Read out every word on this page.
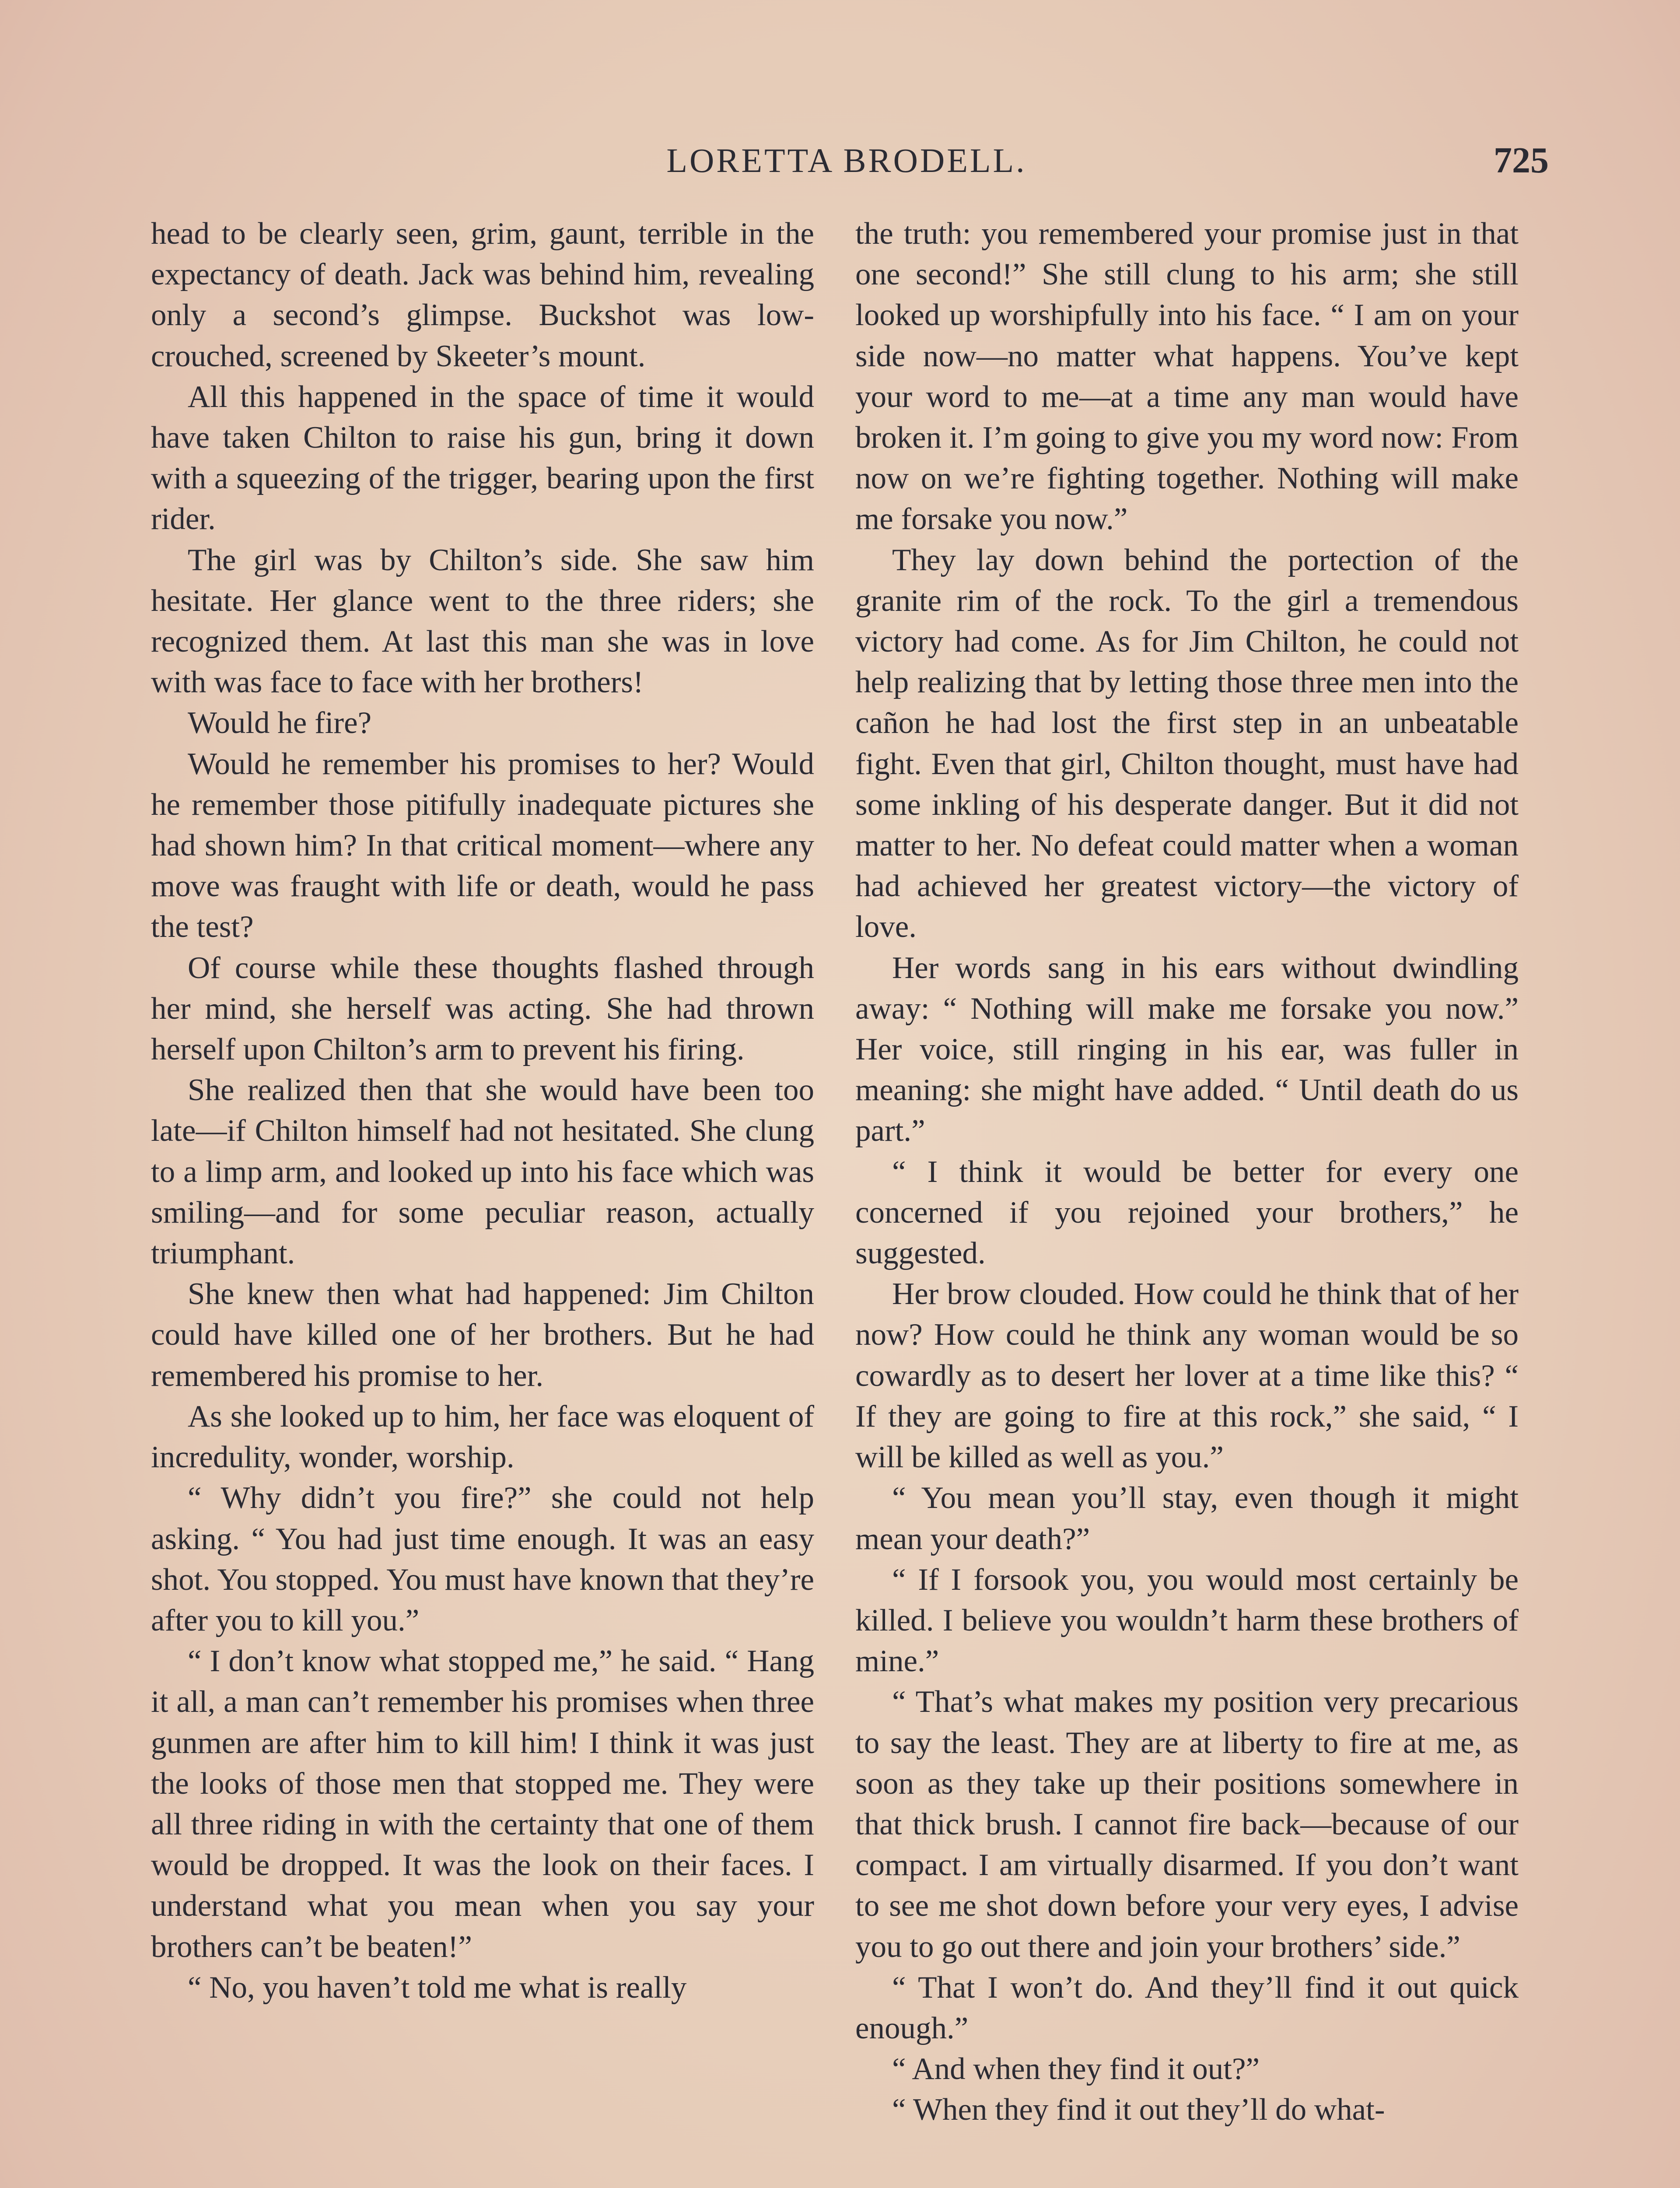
LORETTA BRODELL.	725

head to be clearly seen, grim, gaunt, terrible in the expectancy of death. Jack was behind him, revealing only a second’s glimpse. Buckshot was low-crouched, screened by Skeeter’s mount.

All this happened in the space of time it would have taken Chilton to raise his gun, bring it down with a squeezing of the trigger, bearing upon the first rider.

The girl was by Chilton’s side. She saw him hesitate. Her glance went to the three riders; she recognized them. At last this man she was in love with was face to face with her brothers!

Would he fire?

Would he remember his promises to her? Would he remember those pitifully inadequate pictures she had shown him? In that critical moment—where any move was fraught with life or death, would he pass the test?

Of course while these thoughts flashed through her mind, she herself was acting. She had thrown herself upon Chilton’s arm to prevent his firing.

She realized then that she would have been too late—if Chilton himself had not hesitated. She clung to a limp arm, and looked up into his face which was smiling—and for some peculiar reason, actually triumphant.

She knew then what had happened: Jim Chilton could have killed one of her brothers. But he had remembered his promise to her.

As she looked up to him, her face was eloquent of incredulity, wonder, worship.

“ Why didn’t you fire?” she could not help asking. “ You had just time enough. It was an easy shot. You stopped. You must have known that they’re after you to kill you.”

“ I don’t know what stopped me,” he said. “ Hang it all, a man can’t remember his promises when three gunmen are after him to kill him! I think it was just the looks of those men that stopped me. They were all three riding in with the certainty that one of them would be dropped. It was the look on their faces. I understand what you mean when you say your brothers can’t be beaten!”

“ No, you haven’t told me what is really

the truth: you remembered your promise just in that one second!” She still clung to his arm; she still looked up worshipfully into his face. “ I am on your side now—no matter what happens. You’ve kept your word to me—at a time any man would have broken it. I’m going to give you my word now: From now on we’re fighting together. Nothing will make me forsake you now.”

They lay down behind the portection of the granite rim of the rock. To the girl a tremendous victory had come. As for Jim Chilton, he could not help realizing that by letting those three men into the cañon he had lost the first step in an unbeatable fight. Even that girl, Chilton thought, must have had some inkling of his desperate danger. But it did not matter to her. No defeat could matter when a woman had achieved her greatest victory—the victory of love.

Her words sang in his ears without dwindling away: “ Nothing will make me forsake you now.” Her voice, still ringing in his ear, was fuller in meaning: she might have added. “ Until death do us part.”

“ I think it would be better for every one concerned if you rejoined your brothers,” he suggested.

Her brow clouded. How could he think that of her now? How could he think any woman would be so cowardly as to desert her lover at a time like this? “ If they are going to fire at this rock,” she said, “ I will be killed as well as you.”

“ You mean you’ll stay, even though it might mean your death?”

“ If I forsook you, you would most certainly be killed. I believe you wouldn’t harm these brothers of mine.”

“ That’s what makes my position very precarious to say the least. They are at liberty to fire at me, as soon as they take up their positions somewhere in that thick brush. I cannot fire back—because of our compact. I am virtually disarmed. If you don’t want to see me shot down before your very eyes, I advise you to go out there and join your brothers’ side.”

“ That I won’t do. And they’ll find it out quick enough.”

“ And when they find it out?”

“ When they find it out they’ll do what-
